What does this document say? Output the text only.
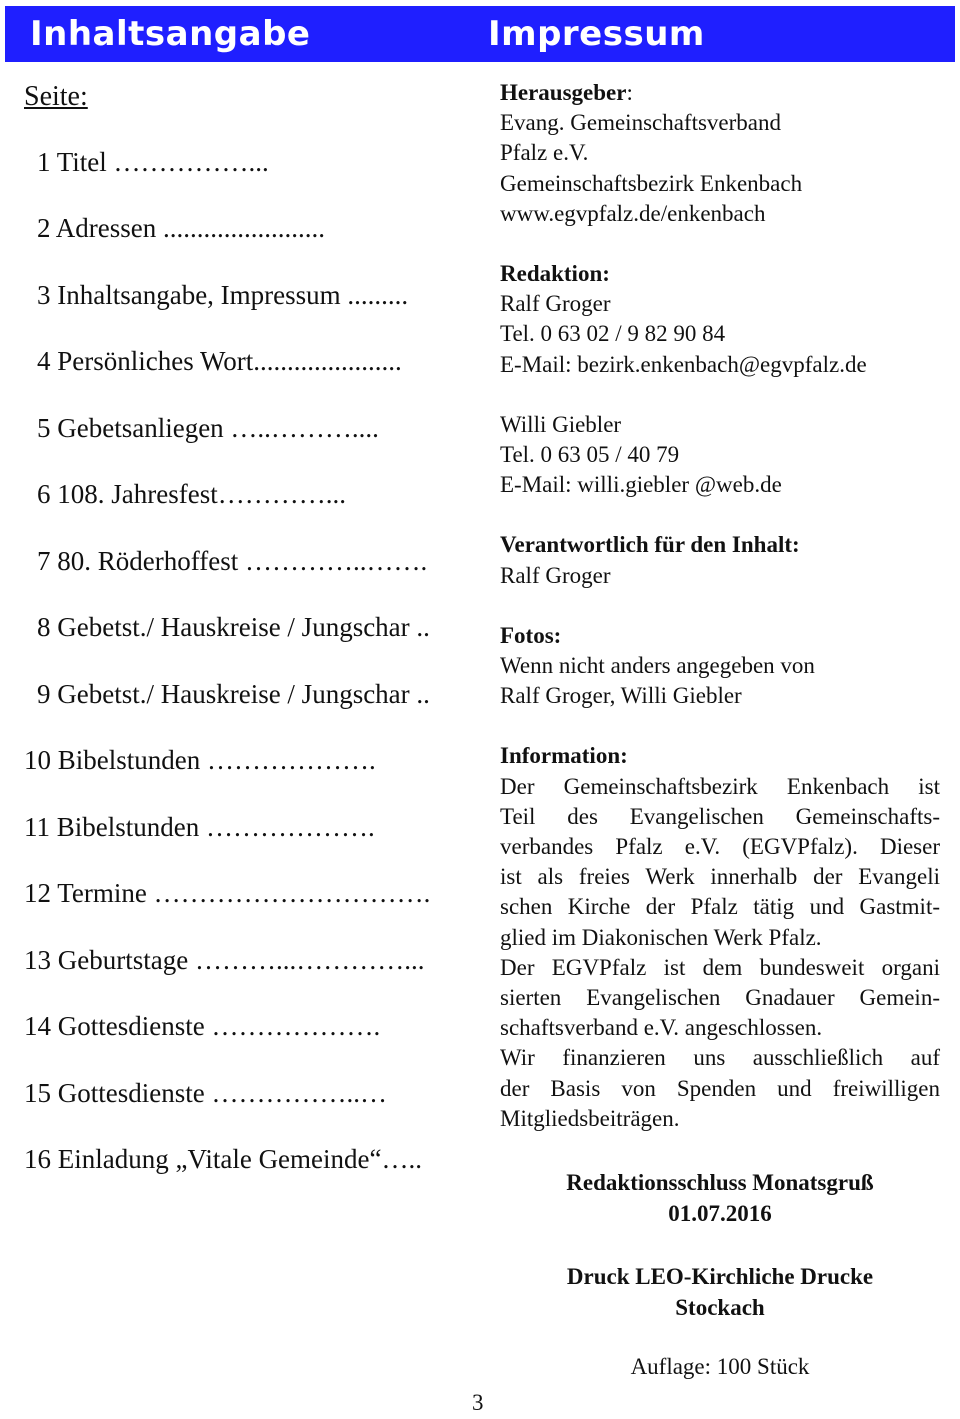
Inhaltsangabe	Impressum
Seite:
1 Titel ……………...
2 Adressen ........................
3 Inhaltsangabe, Impressum .........
4 Persönliches Wort......................
5 Gebetsanliegen …..………....
6 108. Jahresfest…………...
7 80. Röderhoffest …………..…….
8 Gebetst./ Hauskreise / Jungschar ..
9 Gebetst./ Hauskreise / Jungschar ..
10 Bibelstunden ……………….
11 Bibelstunden ……………….
12 Termine ………………………….
13 Geburtstage ………...…………...
14 Gottesdienste ……………….
15 Gottesdienste ……………..…
16 Einladung „Vitale Gemeinde“…..
Herausgeber:
Evang. Gemeinschaftsverband
Pfalz e.V.
Gemeinschaftsbezirk Enkenbach
www.egvpfalz.de/enkenbach
Redaktion:
Ralf Groger
Tel. 0 63 02 / 9 82 90 84
E-Mail: bezirk.enkenbach@egvpfalz.de
Willi Giebler
Tel. 0 63 05 / 40 79
E-Mail: willi.giebler @web.de
Verantwortlich für den Inhalt:
Ralf Groger
Fotos:
Wenn nicht anders angegeben von
Ralf Groger, Willi Giebler
Information:
Der Gemeinschaftsbezirk Enkenbach ist
Teil des Evangelischen Gemeinschafts-
verbandes Pfalz e.V. (EGVPfalz). Dieser
ist als freies Werk innerhalb der Evangeli
schen Kirche der Pfalz tätig und Gastmit-
glied im Diakonischen Werk Pfalz.
Der EGVPfalz ist dem bundesweit organi
sierten Evangelischen Gnadauer Gemein-
schaftsverband e.V. angeschlossen.
Wir finanzieren uns ausschließlich auf
der Basis von Spenden und freiwilligen
Mitgliedsbeiträgen.
Redaktionsschluss Monatsgruß
01.07.2016
Druck LEO-Kirchliche Drucke
Stockach
Auflage: 100 Stück
3
